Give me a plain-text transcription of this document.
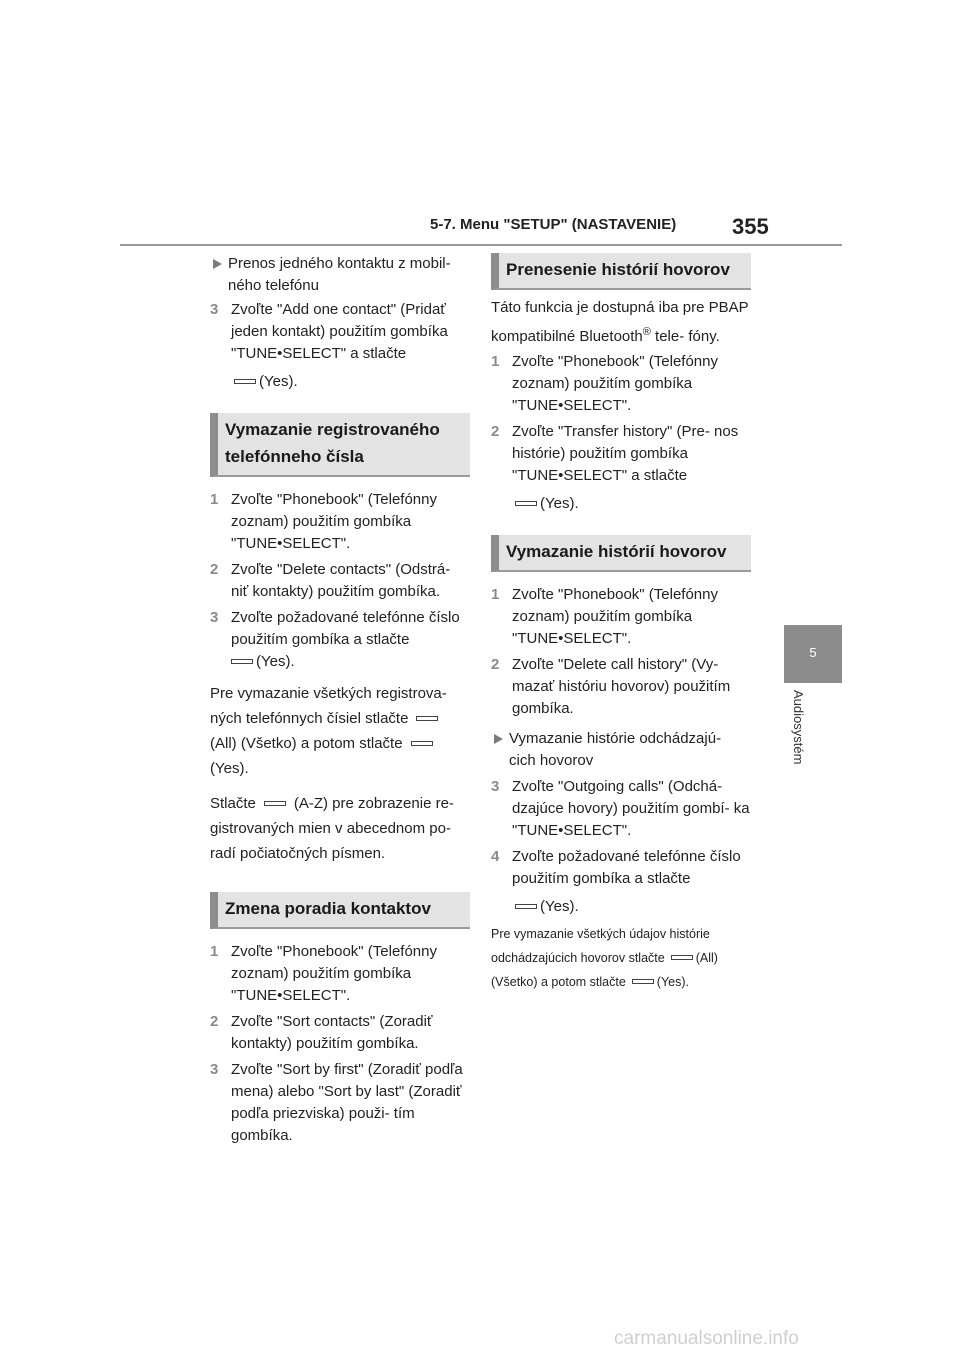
5-7. Menu "SETUP" (NASTAVENIE)	355
5
Audiosystém

Prenos jedného kontaktu z mobil- ného telefónu

3 Zvoľte "Add one contact" (Pridať jeden kontakt) použitím gombíka "TUNE•SELECT" a stlačte

(Yes).

Vymazanie registrovaného telefónneho čísla

1 Zvoľte "Phonebook" (Telefónny zoznam) použitím gombíka "TUNE•SELECT".

2 Zvoľte "Delete contacts" (Odstrá- niť kontakty) použitím gombíka.

3 Zvoľte požadované telefónne číslo použitím gombíka a stlačte
(Yes).

Pre vymazanie všetkých registrova- ných telefónnych čísiel stlačte (All) (Všetko) a potom stlačte (Yes).

Stlačte	(A-Z) pre zobrazenie re- gistrovaných mien v abecednom po- radí počiatočných písmen.

Zmena poradia kontaktov

1 Zvoľte "Phonebook" (Telefónny zoznam) použitím gombíka "TUNE•SELECT".

2 Zvoľte "Sort contacts" (Zoradiť kontakty) použitím gombíka.

3 Zvoľte "Sort by first" (Zoradiť podľa mena) alebo "Sort by last" (Zoradiť podľa priezviska) použi- tím gombíka.

Prenesenie histórií hovorov

Táto funkcia je dostupná iba pre PBAP kompatibilné Bluetooth® tele- fóny.

1 Zvoľte "Phonebook" (Telefónny zoznam) použitím gombíka "TUNE•SELECT".

2 Zvoľte "Transfer history" (Pre- nos histórie) použitím gombíka "TUNE•SELECT" a stlačte

(Yes).

Vymazanie histórií hovorov

1 Zvoľte "Phonebook" (Telefónny zoznam) použitím gombíka "TUNE•SELECT".

2 Zvoľte "Delete call history" (Vy- mazať históriu hovorov) použitím gombíka.

Vymazanie histórie odchádzajú- cich hovorov

3 Zvoľte "Outgoing calls" (Odchá- dzajúce hovory) použitím gombí- ka "TUNE•SELECT".

4 Zvoľte požadované telefónne číslo použitím gombíka a stlačte

(Yes).

Pre vymazanie všetkých údajov histórie odchádzajúcich hovorov stlačte (All) (Všetko) a potom stlačte (Yes).

carmanualsonline.info
